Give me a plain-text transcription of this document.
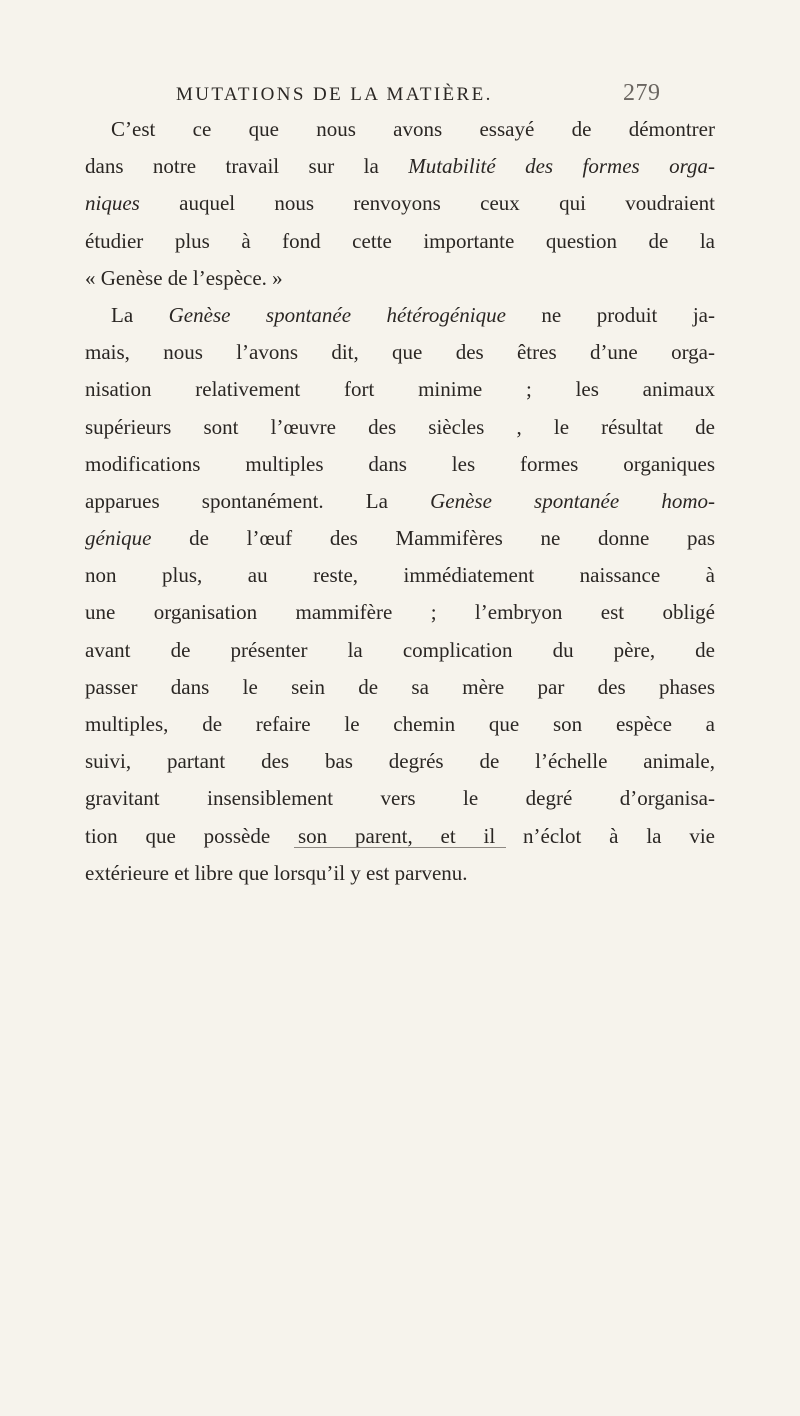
MUTATIONS DE LA MATIÈRE.	279
C’est ce que nous avons essayé de démontrer
dans notre travail sur la Mutabilité des formes orga-
niques auquel nous renvoyons ceux qui voudraient
étudier plus à fond cette importante question de la
« Genèse de l’espèce. »
La Genèse spontanée hétérogénique ne produit ja-
mais, nous l’avons dit, que des êtres d’une orga-
nisation relativement fort minime ; les animaux
supérieurs sont l’œuvre des siècles , le résultat de
modifications multiples dans les formes organiques
apparues spontanément. La Genèse spontanée homo-
génique de l’œuf des Mammifères ne donne pas
non plus, au reste, immédiatement naissance à
une organisation mammifère ; l’embryon est obligé
avant de présenter la complication du père, de
passer dans le sein de sa mère par des phases
multiples, de refaire le chemin que son espèce a
suivi, partant des bas degrés de l’échelle animale,
gravitant insensiblement vers le degré d’organisa-
tion que possède son parent, et il n’éclot à la vie
extérieure et libre que lorsqu’il y est parvenu.
